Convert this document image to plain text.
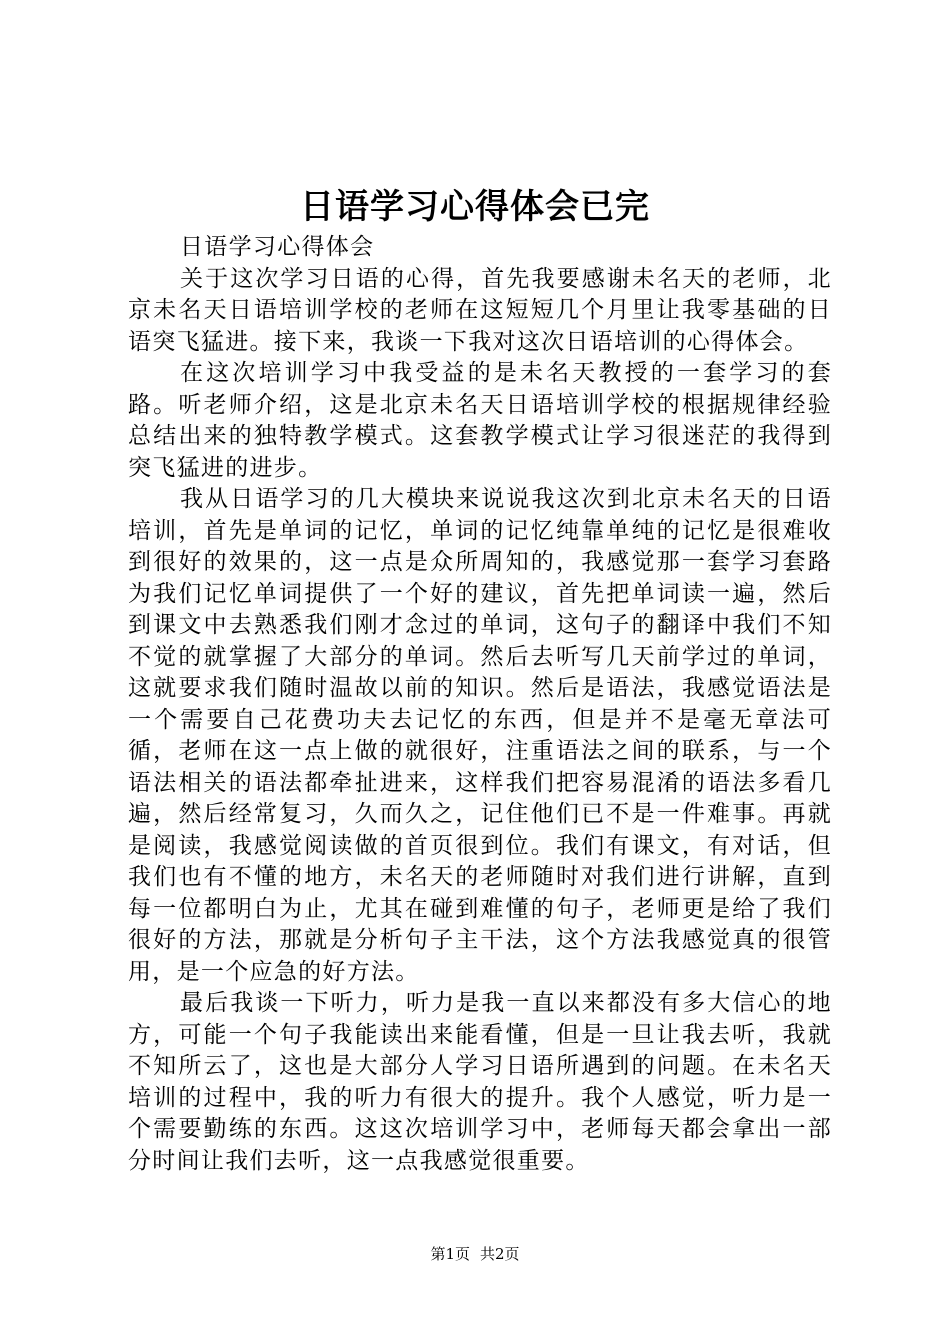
日语学习心得体会已完

日语学习心得体会

关于这次学习日语的心得，首先我要感谢未名天的老师，北京未名天日语培训学校的老师在这短短几个月里让我零基础的日语突飞猛进。接下来，我谈一下我对这次日语培训的心得体会。

在这次培训学习中我受益的是未名天教授的一套学习的套路。听老师介绍，这是北京未名天日语培训学校的根据规律经验总结出来的独特教学模式。这套教学模式让学习很迷茫的我得到突飞猛进的进步。

我从日语学习的几大模块来说说我这次到北京未名天的日语培训，首先是单词的记忆，单词的记忆纯靠单纯的记忆是很难收到很好的效果的，这一点是众所周知的，我感觉那一套学习套路为我们记忆单词提供了一个好的建议，首先把单词读一遍，然后到课文中去熟悉我们刚才念过的单词，这句子的翻译中我们不知不觉的就掌握了大部分的单词。然后去听写几天前学过的单词，这就要求我们随时温故以前的知识。然后是语法，我感觉语法是一个需要自己花费功夫去记忆的东西，但是并不是毫无章法可循，老师在这一点上做的就很好，注重语法之间的联系，与一个语法相关的语法都牵扯进来，这样我们把容易混淆的语法多看几遍，然后经常复习，久而久之，记住他们已不是一件难事。再就是阅读，我感觉阅读做的首页很到位。我们有课文，有对话，但我们也有不懂的地方，未名天的老师随时对我们进行讲解，直到每一位都明白为止，尤其在碰到难懂的句子，老师更是给了我们很好的方法，那就是分析句子主干法，这个方法我感觉真的很管用，是一个应急的好方法。

最后我谈一下听力，听力是我一直以来都没有多大信心的地方，可能一个句子我能读出来能看懂，但是一旦让我去听，我就不知所云了，这也是大部分人学习日语所遇到的问题。在未名天培训的过程中，我的听力有很大的提升。我个人感觉，听力是一个需要勤练的东西。这这次培训学习中，老师每天都会拿出一部分时间让我们去听，这一点我感觉很重要。

第1页 共2页
